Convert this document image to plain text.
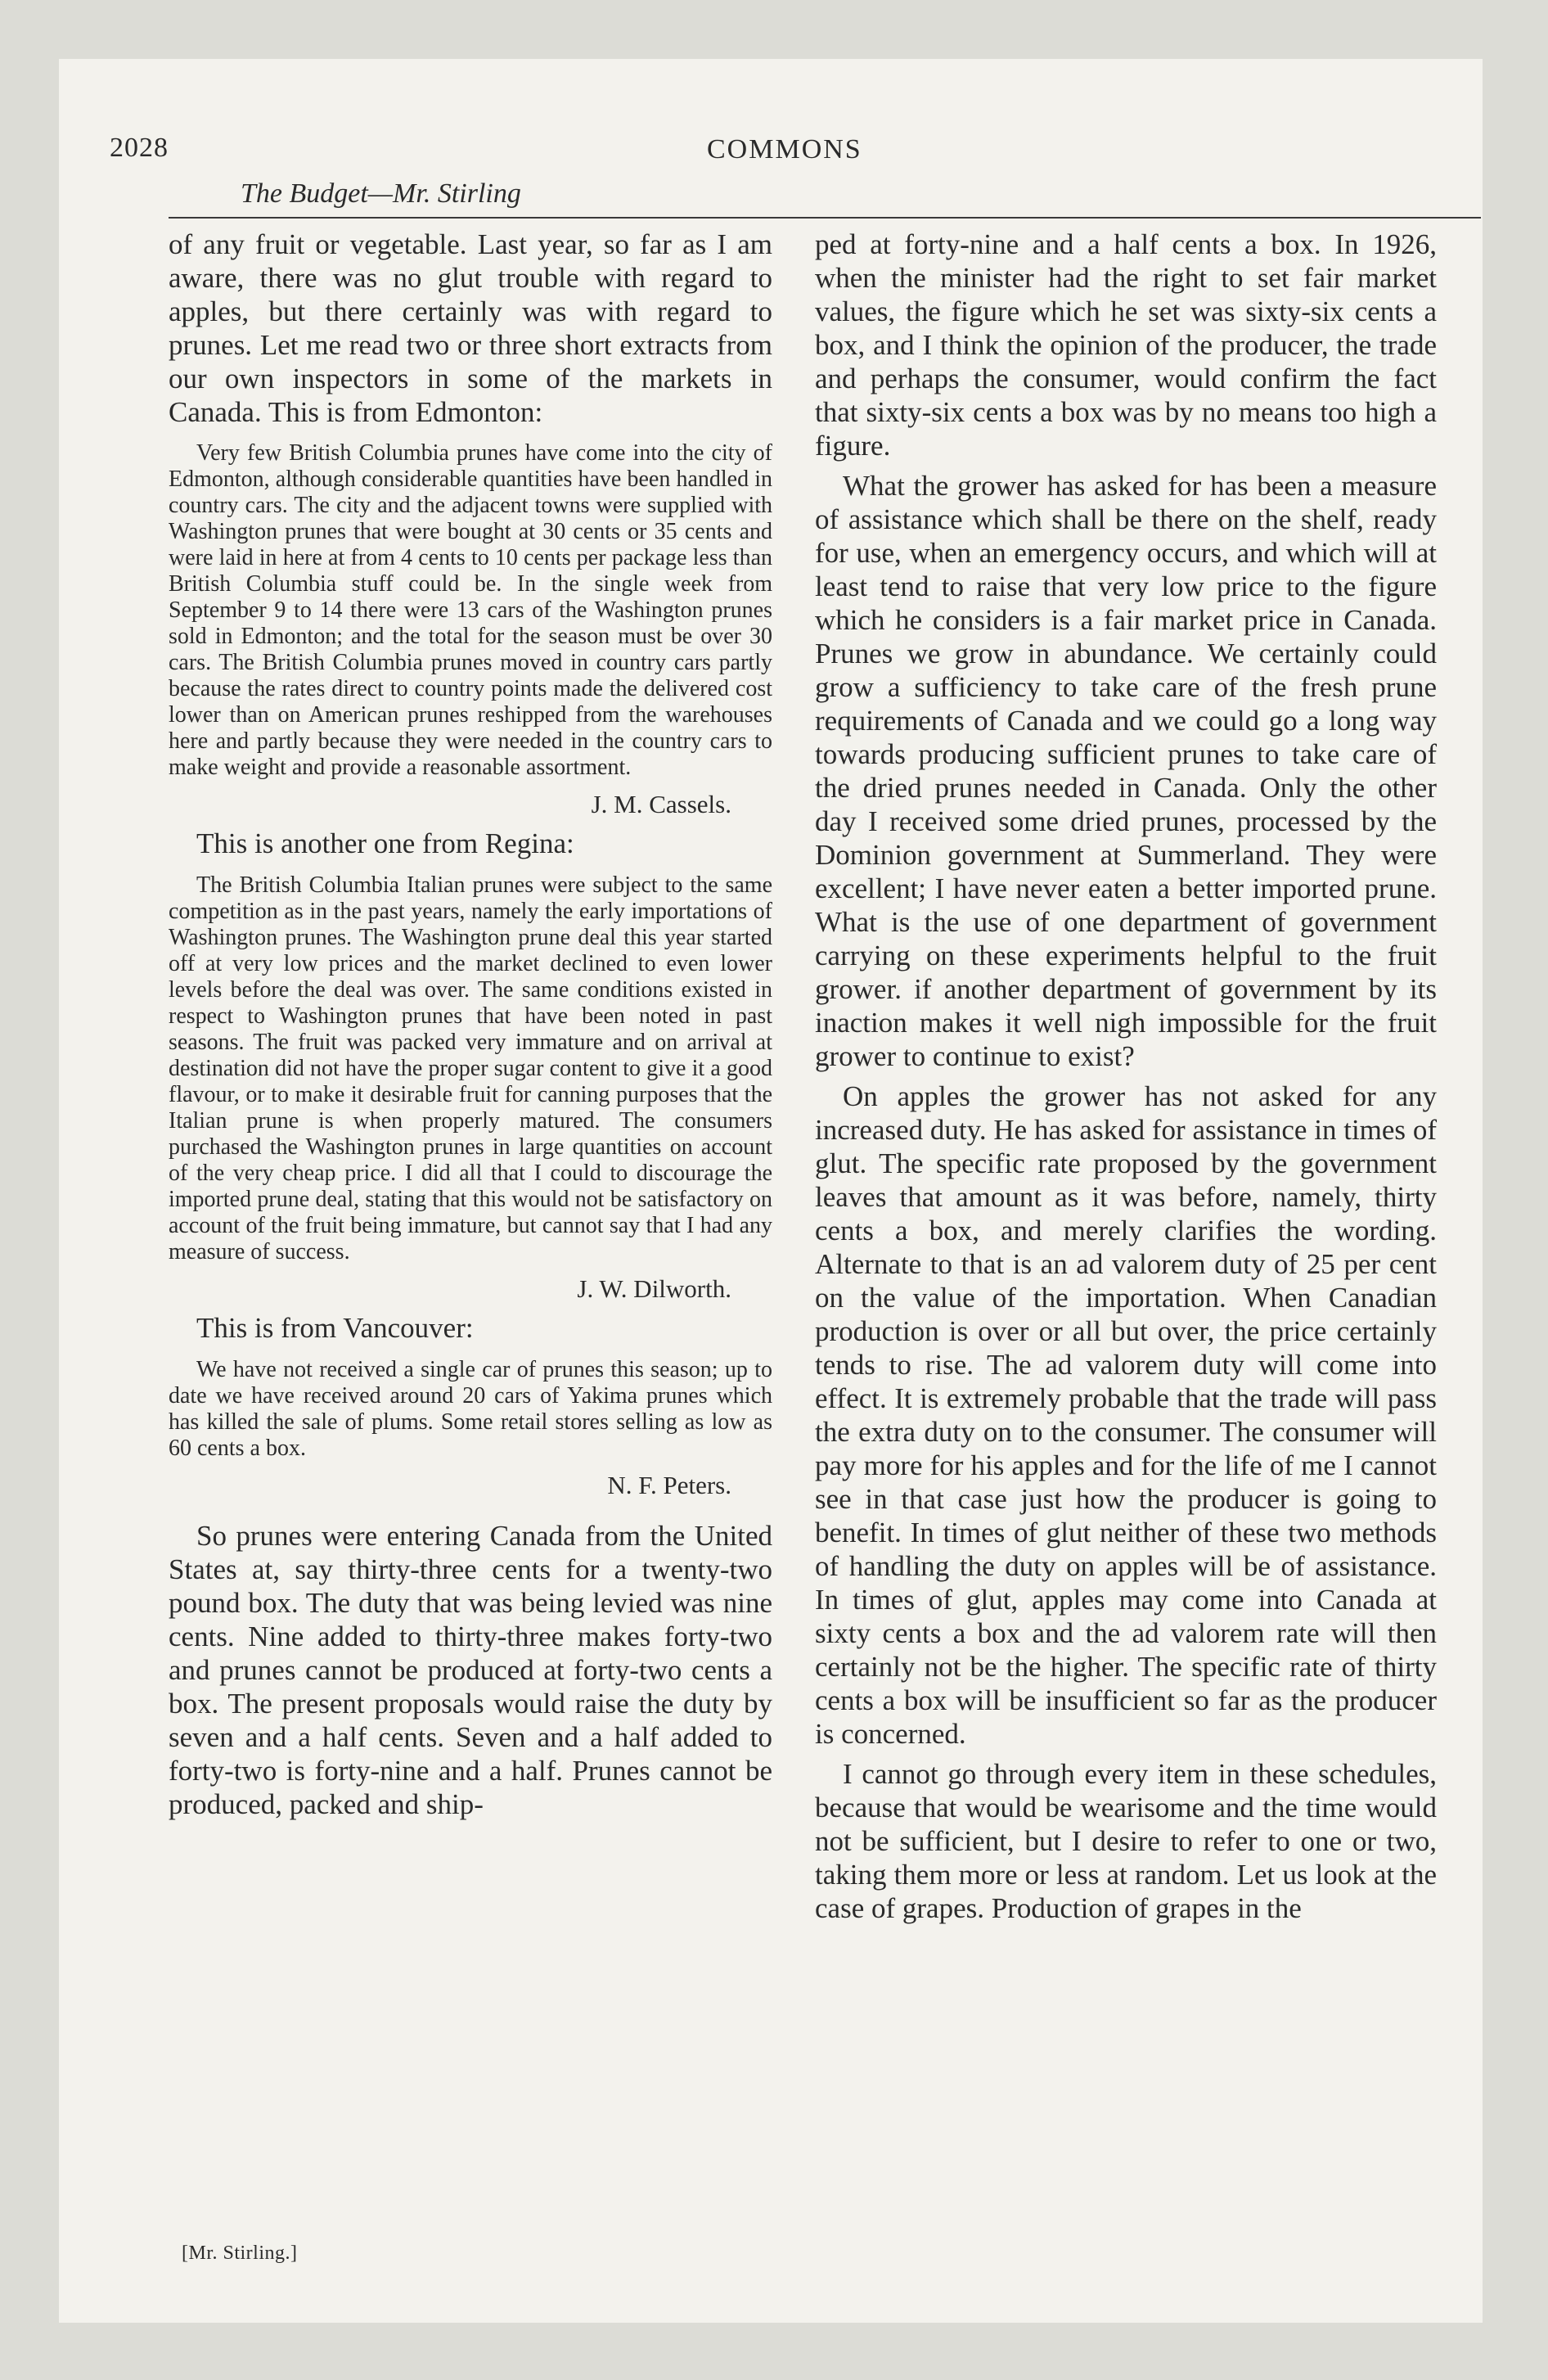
2028
The Budget—Mr. Stirling
COMMONS

of any fruit or vegetable. Last year, so far as I am aware, there was no glut trouble with regard to apples, but there certainly was with regard to prunes. Let me read two or three short extracts from our own inspectors in some of the markets in Canada. This is from Edmonton:

Very few British Columbia prunes have come into the city of Edmonton, although considerable quantities have been handled in country cars. The city and the adjacent towns were supplied with Washington prunes that were bought at 30 cents or 35 cents and were laid in here at from 4 cents to 10 cents per package less than British Columbia stuff could be. In the single week from September 9 to 14 there were 13 cars of the Washington prunes sold in Edmonton; and the total for the season must be over 30 cars. The British Columbia prunes moved in country cars partly because the rates direct to country points made the delivered cost lower than on American prunes reshipped from the warehouses here and partly because they were needed in the country cars to make weight and provide a reasonable assortment.

J. M. Cassels.

This is another one from Regina:

The British Columbia Italian prunes were subject to the same competition as in the past years, namely the early importations of Washington prunes. The Washington prune deal this year started off at very low prices and the market declined to even lower levels before the deal was over. The same conditions existed in respect to Washington prunes that have been noted in past seasons. The fruit was packed very immature and on arrival at destination did not have the proper sugar content to give it a good flavour, or to make it desirable fruit for canning purposes that the Italian prune is when properly matured. The consumers purchased the Washington prunes in large quantities on account of the very cheap price. I did all that I could to discourage the imported prune deal, stating that this would not be satisfactory on account of the fruit being immature, but cannot say that I had any measure of success.

J. W. Dilworth.

This is from Vancouver:

We have not received a single car of prunes this season; up to date we have received around 20 cars of Yakima prunes which has killed the sale of plums. Some retail stores selling as low as 60 cents a box.

N. F. Peters.

So prunes were entering Canada from the United States at, say thirty-three cents for a twenty-two pound box. The duty that was being levied was nine cents. Nine added to thirty-three makes forty-two and prunes cannot be produced at forty-two cents a box. The present proposals would raise the duty by seven and a half cents. Seven and a half added to forty-two is forty-nine and a half. Prunes cannot be produced, packed and ship-

ped at forty-nine and a half cents a box. In 1926, when the minister had the right to set fair market values, the figure which he set was sixty-six cents a box, and I think the opinion of the producer, the trade and perhaps the consumer, would confirm the fact that sixty-six cents a box was by no means too high a figure.

What the grower has asked for has been a measure of assistance which shall be there on the shelf, ready for use, when an emergency occurs, and which will at least tend to raise that very low price to the figure which he considers is a fair market price in Canada. Prunes we grow in abundance. We certainly could grow a sufficiency to take care of the fresh prune requirements of Canada and we could go a long way towards producing sufficient prunes to take care of the dried prunes needed in Canada. Only the other day I received some dried prunes, processed by the Dominion government at Summerland. They were excellent; I have never eaten a better imported prune. What is the use of one department of government carrying on these experiments helpful to the fruit grower. if another department of government by its inaction makes it well nigh impossible for the fruit grower to continue to exist?

On apples the grower has not asked for any increased duty. He has asked for assistance in times of glut. The specific rate proposed by the government leaves that amount as it was before, namely, thirty cents a box, and merely clarifies the wording. Alternate to that is an ad valorem duty of 25 per cent on the value of the importation. When Canadian production is over or all but over, the price certainly tends to rise. The ad valorem duty will come into effect. It is extremely probable that the trade will pass the extra duty on to the consumer. The consumer will pay more for his apples and for the life of me I cannot see in that case just how the producer is going to benefit. In times of glut neither of these two methods of handling the duty on apples will be of assistance. In times of glut, apples may come into Canada at sixty cents a box and the ad valorem rate will then certainly not be the higher. The specific rate of thirty cents a box will be insufficient so far as the producer is concerned.

I cannot go through every item in these schedules, because that would be wearisome and the time would not be sufficient, but I desire to refer to one or two, taking them more or less at random. Let us look at the case of grapes. Production of grapes in the

[Mr. Stirling.]
